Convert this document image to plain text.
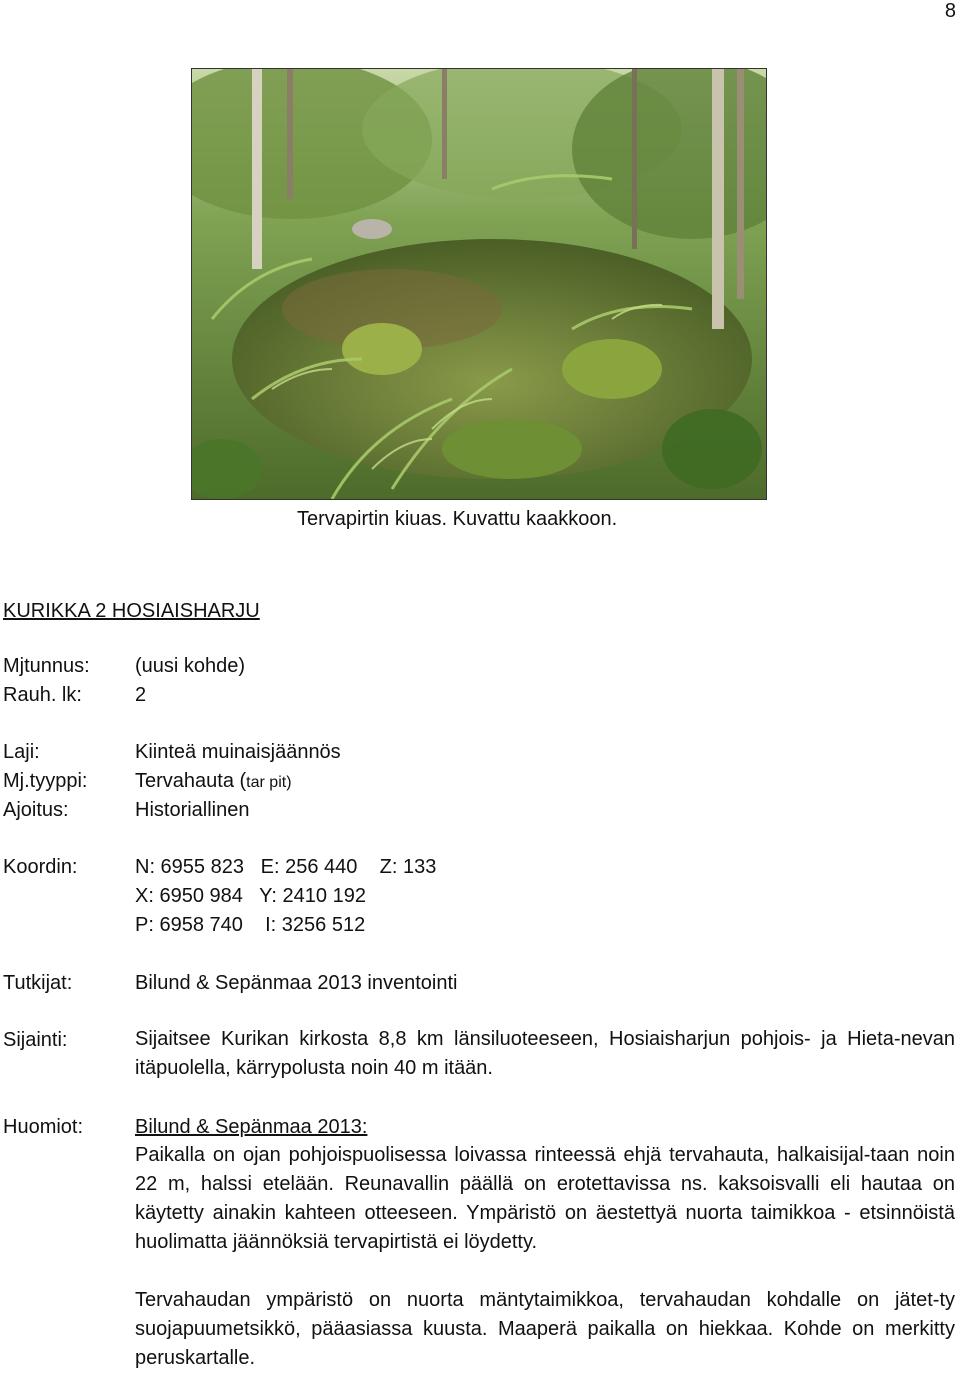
8
Tervapirtin kiuas. Kuvattu kaakkoon.
KURIKKA 2 HOSIAISHARJU
Mjtunnus: (uusi kohde)
Rauh. lk:	2
Laji:	Kiinteä muinaisjäännös
Mj.tyyppi: Tervahauta (tar pit)
Ajoitus:	Historiallinen
Koordin:	N: 6955 823   E: 256 440    Z: 133
X: 6950 984   Y: 2410 192
P: 6958 740    I: 3256 512
Tutkijat:	Bilund & Sepänmaa 2013 inventointi
Sijainti:	Sijaitsee Kurikan kirkosta 8,8 km länsiluoteeseen, Hosiaisharjun pohjois- ja Hieta-nevan itäpuolella, kärrypolusta noin 40 m itään.
Huomiot:	Bilund & Sepänmaa 2013:
Paikalla on ojan pohjoispuolisessa loivassa rinteessä ehjä tervahauta, halkaisijal-taan noin 22 m, halssi etelään. Reunavallin päällä on erotettavissa ns. kaksoisvalli eli hautaa on käytetty ainakin kahteen otteeseen. Ympäristö on äestettyä nuorta taimikkoa - etsinnöistä huolimatta jäännöksiä tervapirtistä ei löydetty.
Tervahaudan ympäristö on nuorta mäntytaimikkoa, tervahaudan kohdalle on jätet-ty suojapuumetsikkö, pääasiassa kuusta. Maaperä paikalla on hiekkaa. Kohde on merkitty peruskartalle.
